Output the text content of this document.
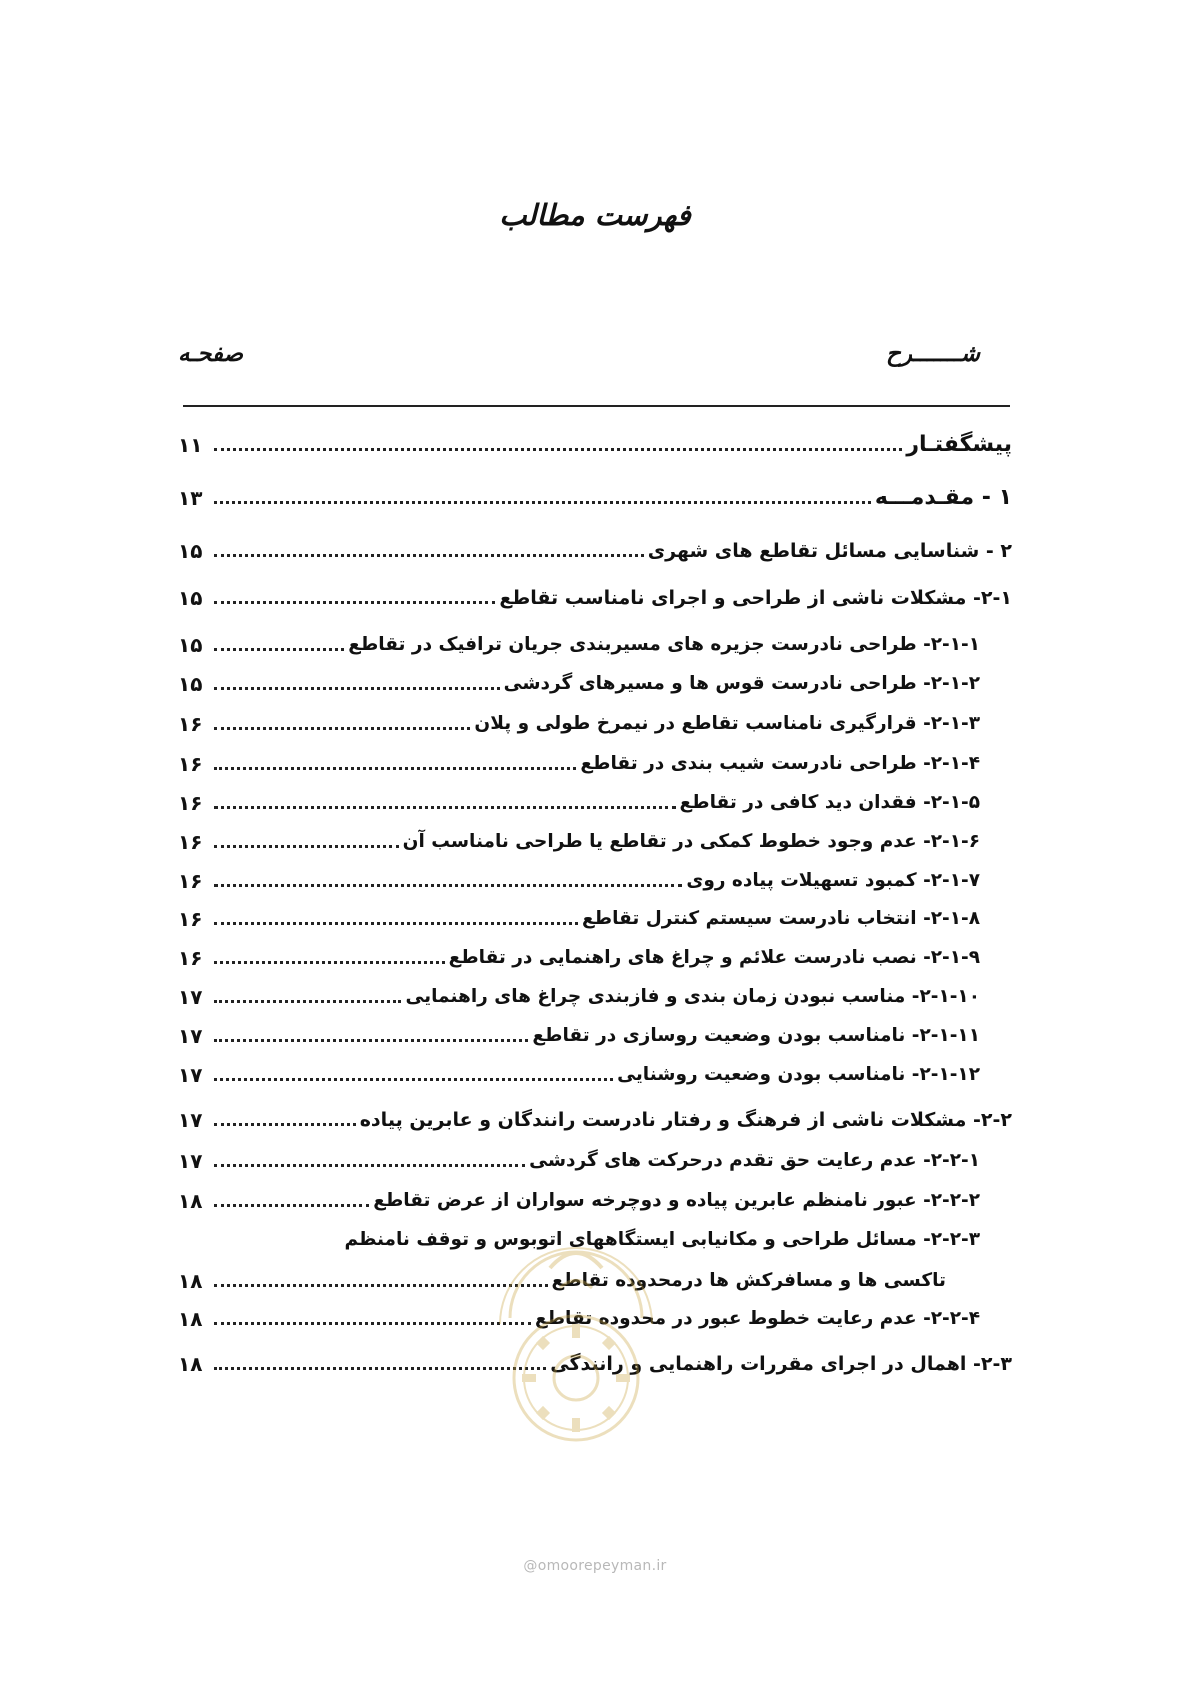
فهرست مطالب
شـــــــرح
صفحـه
پیشگفتـار
۱۱
۱ - مقـدمـــه
۱۳
۲ - شناسایی مسائل تقاطع های شهری
۱۵
۲-۱- مشکلات ناشی از طراحی و اجرای نامناسب تقاطع
۱۵
۲-۱-۱- طراحی نادرست جزیره های مسیربندی جریان ترافیک در تقاطع
۱۵
۲-۱-۲- طراحی نادرست قوس ها و مسیرهای گردشی
۱۵
۲-۱-۳- قرارگیری نامناسب تقاطع در نیمرخ طولی و پلان
۱۶
۲-۱-۴- طراحی نادرست شیب بندی در تقاطع
۱۶
۲-۱-۵- فقدان دید کافی در تقاطع
۱۶
۲-۱-۶- عدم وجود خطوط کمکی در تقاطع یا طراحی نامناسب آن
۱۶
۲-۱-۷- کمبود تسهیلات پیاده روی
۱۶
۲-۱-۸- انتخاب نادرست سیستم کنترل تقاطع
۱۶
۲-۱-۹- نصب نادرست علائم و چراغ های راهنمایی در تقاطع
۱۶
۲-۱-۱۰- مناسب نبودن زمان بندی و فازبندی چراغ های راهنمایی
۱۷
۲-۱-۱۱- نامناسب بودن وضعیت روسازی در تقاطع
۱۷
۲-۱-۱۲- نامناسب بودن وضعیت روشنایی
۱۷
۲-۲- مشکلات ناشی از فرهنگ و رفتار نادرست رانندگان و عابرین پیاده
۱۷
۲-۲-۱- عدم رعایت حق تقدم درحرکت های گردشی
۱۷
۲-۲-۲- عبور نامنظم عابرین پیاده و دوچرخه سواران از عرض تقاطع
۱۸
۲-۲-۳- مسائل طراحی و مکانیابی ایستگاههای اتوبوس و توقف نامنظم
تاکسی ها و مسافرکش ها درمحدوده تقاطع
۱۸
۲-۲-۴- عدم رعایت خطوط عبور در محدوده تقاطع
۱۸
۲-۳- اهمال در اجرای مقررات راهنمایی و رانندگی
۱۸
@omoorepeyman.ir
